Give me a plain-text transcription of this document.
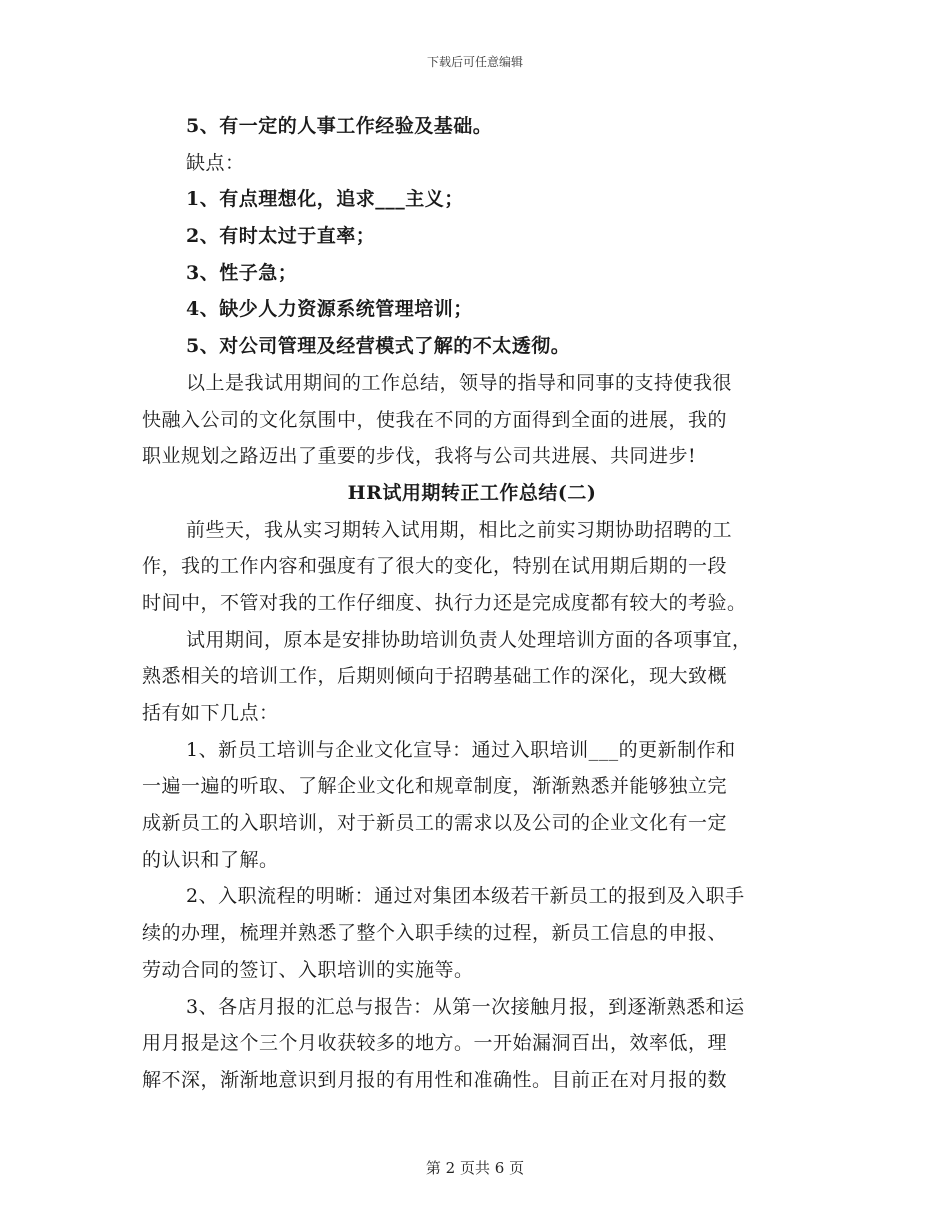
下载后可任意编辑
5、有一定的人事工作经验及基础。
缺点：
1、有点理想化，追求___主义；
2、有时太过于直率；
3、性子急；
4、缺少人力资源系统管理培训；
5、对公司管理及经营模式了解的不太透彻。
以上是我试用期间的工作总结，领导的指导和同事的支持使我很
快融入公司的文化氛围中，使我在不同的方面得到全面的进展，我的
职业规划之路迈出了重要的步伐，我将与公司共进展、共同进步!
HR试用期转正工作总结(二)
前些天，我从实习期转入试用期，相比之前实习期协助招聘的工
作，我的工作内容和强度有了很大的变化，特别在试用期后期的一段
时间中，不管对我的工作仔细度、执行力还是完成度都有较大的考验。
试用期间，原本是安排协助培训负责人处理培训方面的各项事宜，
熟悉相关的培训工作，后期则倾向于招聘基础工作的深化，现大致概
括有如下几点：
1、新员工培训与企业文化宣导：通过入职培训___的更新制作和
一遍一遍的听取、了解企业文化和规章制度，渐渐熟悉并能够独立完
成新员工的入职培训，对于新员工的需求以及公司的企业文化有一定
的认识和了解。
2、入职流程的明晰：通过对集团本级若干新员工的报到及入职手
续的办理，梳理并熟悉了整个入职手续的过程，新员工信息的申报、
劳动合同的签订、入职培训的实施等。
3、各店月报的汇总与报告：从第一次接触月报，到逐渐熟悉和运
用月报是这个三个月收获较多的地方。一开始漏洞百出，效率低，理
解不深，渐渐地意识到月报的有用性和准确性。目前正在对月报的数
第 2 页共 6 页
